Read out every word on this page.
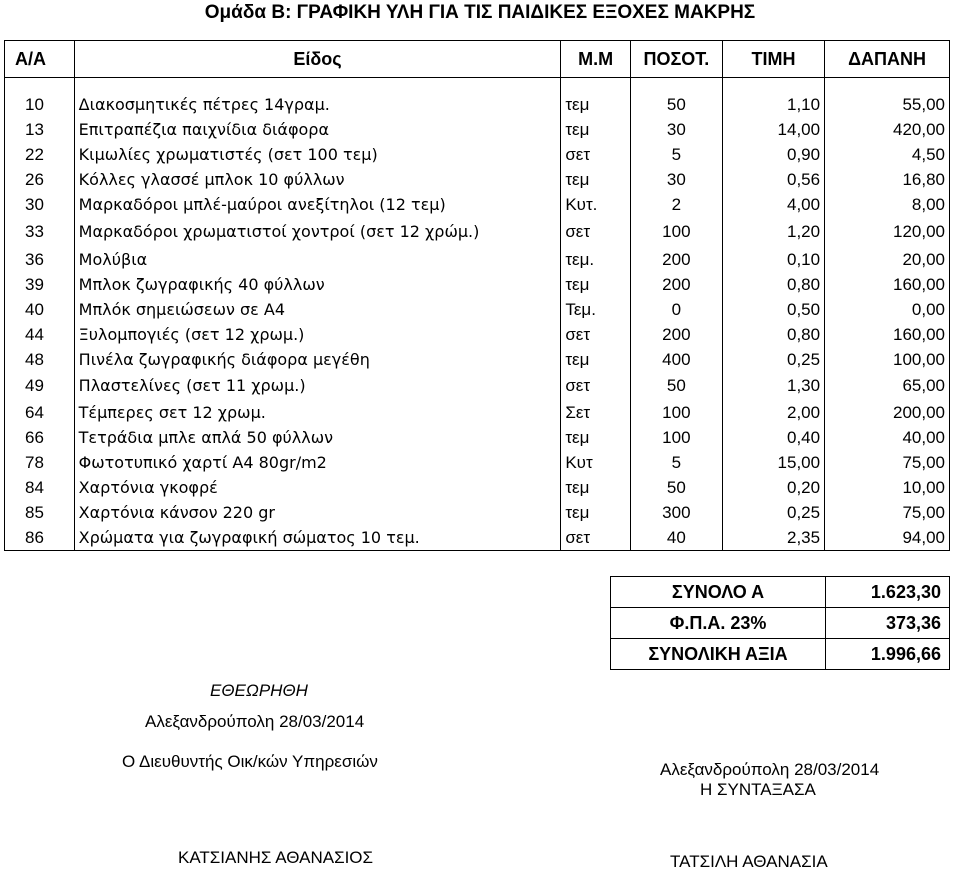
Ομάδα Β: ΓΡΑΦΙΚΗ ΥΛΗ ΓΙΑ ΤΙΣ ΠΑΙΔΙΚΕΣ ΕΞΟΧΕΣ ΜΑΚΡΗΣ
Α/Α	Είδος	Μ.Μ	ΠΟΣΟΤ.	ΤΙΜΗ	ΔΑΠΑΝΗ

10	Διακοσμητικές πέτρες 14γραμ.	τεμ	50	1,10	55,00
13	Επιτραπέζια παιχνίδια διάφορα	τεμ	30	14,00	420,00
22	Κιμωλίες χρωματιστές (σετ 100 τεμ)	σετ	5	0,90	4,50
26	Κόλλες γλασσέ μπλοκ 10 φύλλων	τεμ	30	0,56	16,80
30	Μαρκαδόροι μπλέ-μαύροι ανεξίτηλοι (12 τεμ)	Κυτ.	2	4,00	8,00
33	Μαρκαδόροι χρωματιστοί χοντροί (σετ 12 χρώμ.)	σετ	100	1,20	120,00
36	Μολύβια	τεμ.	200	0,10	20,00
39	Μπλοκ ζωγραφικής 40 φύλλων	τεμ	200	0,80	160,00
40	Μπλόκ σημειώσεων σε Α4	Τεμ.	0	0,50	0,00
44	Ξυλομπογιές (σετ 12 χρωμ.)	σετ	200	0,80	160,00
48	Πινέλα ζωγραφικής διάφορα μεγέθη	τεμ	400	0,25	100,00
49	Πλαστελίνες (σετ 11 χρωμ.)	σετ	50	1,30	65,00
64	Τέμπερες σετ 12 χρωμ.	Σετ	100	2,00	200,00
66	Τετράδια μπλε απλά 50 φύλλων	τεμ	100	0,40	40,00
78	Φωτοτυπικό χαρτί Α4 80gr/m2	Κυτ	5	15,00	75,00
84	Χαρτόνια γκοφρέ	τεμ	50	0,20	10,00
85	Χαρτόνια κάνσον 220 gr	τεμ	300	0,25	75,00
86	Χρώματα για ζωγραφική σώματος 10 τεμ.	σετ	40	2,35	94,00
ΣΥΝΟΛΟ Α	1.623,30
Φ.Π.Α. 23%	373,36
ΣΥΝΟΛΙΚΗ ΑΞΙΑ	1.996,66
ΕΘΕΩΡΗΘΗ
Αλεξανδρούπολη 28/03/2014
Ο Διευθυντής Οικ/κών Υπηρεσιών
ΚΑΤΣΙΑΝΗΣ ΑΘΑΝΑΣΙΟΣ
Αλεξανδρούπολη 28/03/2014
Η ΣΥΝΤΑΞΑΣΑ
ΤΑΤΣΙΛΗ ΑΘΑΝΑΣΙΑ
